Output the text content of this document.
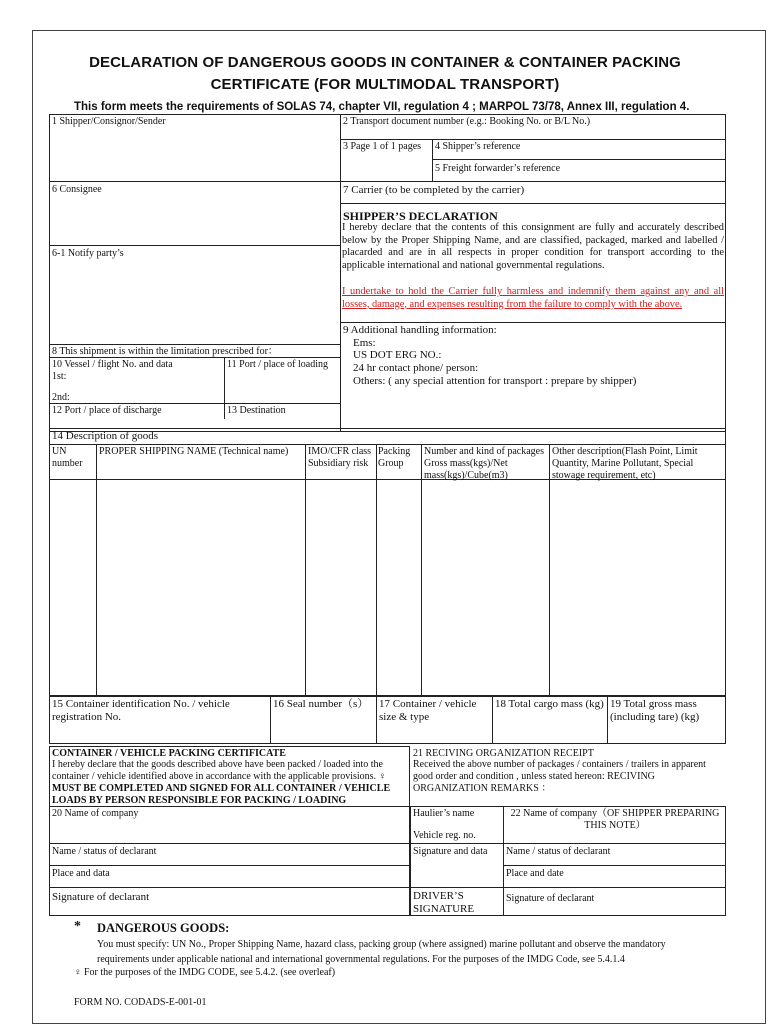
DECLARATION OF DANGEROUS GOODS IN CONTAINER & CONTAINER PACKING
CERTIFICATE (FOR MULTIMODAL TRANSPORT)
This form meets the requirements of SOLAS 74, chapter VII, regulation 4 ; MARPOL 73/78, Annex III, regulation 4.
1 Shipper/Consignor/Sender
6 Consignee
6-1 Notify party’s
8 This shipment is within the limitation prescribed for：
10 Vessel / flight No. and data
1st:
2nd:
11 Port / place of loading
12 Port / place of discharge	13 Destination
2 Transport document number (e.g.: Booking No. or B/L No.)
3 Page 1 of 1 pages 4 Shipper’s reference
5 Freight forwarder’s reference
7 Carrier (to be completed by the carrier)
SHIPPER’S DECLARATION
I hereby declare that the contents of this consignment are fully and accurately described below by the Proper Shipping Name, and are classified, packaged, marked and labelled / placarded and are in all respects in proper condition for transport according to the applicable international and national governmental regulations.
I undertake to hold the Carrier fully harmless and indemnify them against any and all losses, damage, and expenses resulting from the failure to comply with the above.
9 Additional handling information:
Ems:
US DOT ERG NO.:
24 hr contact phone/ person:
Others: ( any special attention for transport : prepare by shipper)
14 Description of goods
UN number
PROPER SHIPPING NAME (Technical name) IMO/CFR class Subsidiary risk
Packing Group
Number and kind of packages Gross mass(kgs)/Net mass(kgs)/Cube(m3)
Other description(Flash Point, Limit Quantity, Marine Pollutant, Special stowage requirement, etc)
15 Container identification No. / vehicle registration No.
16 Seal number（s） 17 Container / vehicle size & type
18 Total cargo mass (kg) 19 Total gross mass (including tare) (kg)
CONTAINER / VEHICLE PACKING CERTIFICATE
I hereby declare that the goods described above have been packed / loaded into the container / vehicle identified above in accordance with the applicable provisions. ♀
MUST BE COMPLETED AND SIGNED FOR ALL CONTAINER / VEHICLE LOADS BY PERSON RESPONSIBLE FOR PACKING / LOADING
20 Name of company
Name / status of declarant
Place and data
Signature of declarant
21 RECIVING ORGANIZATION RECEIPT
Received the above number of packages / containers / trailers in apparent good order and condition , unless stated hereon: RECIVING ORGANIZATION REMARKS ：
Haulier’s name
Vehicle reg. no.
Signature and data
DRIVER’S SIGNATURE
22 Name of company（OF SHIPPER PREPARING THIS NOTE）
Name / status of declarant
Place and date
Signature of declarant
* DANGEROUS GOODS:
You must specify: UN No., Proper Shipping Name, hazard class, packing group (where assigned) marine pollutant and observe the mandatory
requirements under applicable national and international governmental regulations. For the purposes of the IMDG Code, see 5.4.1.4
♀ For the purposes of the IMDG CODE, see 5.4.2. (see overleaf)
FORM NO. CODADS-E-001-01
